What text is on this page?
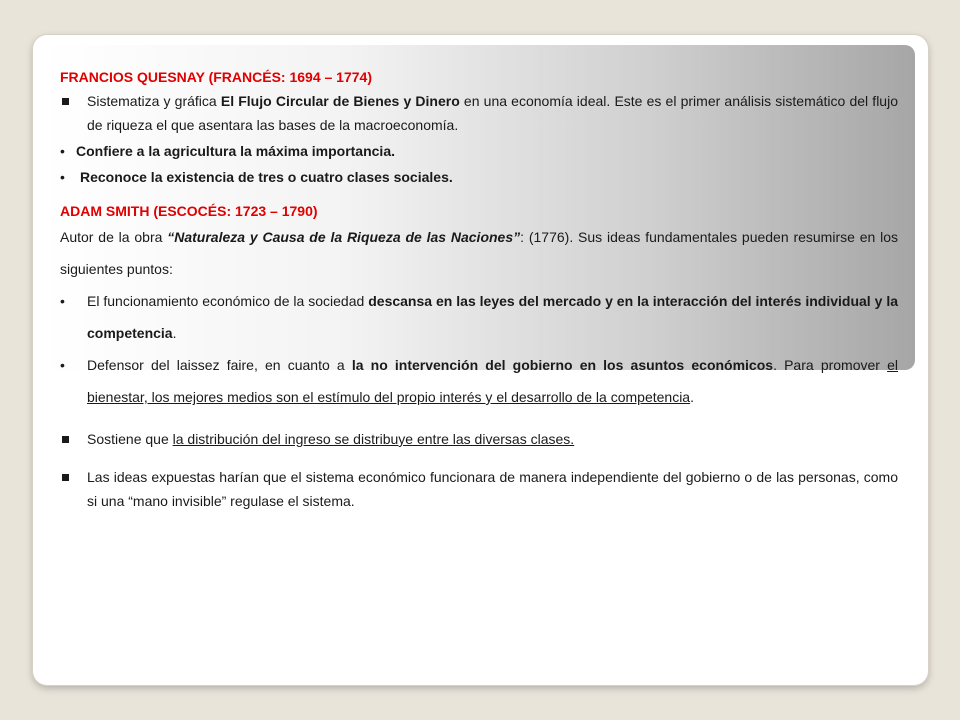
FRANCIOS QUESNAY (FRANCÉS: 1694 – 1774)

Sistematiza y gráfica El Flujo Circular de Bienes y Dinero en una economía ideal. Este es el primer análisis sistemático del flujo de riqueza el que asentara las bases de la macroeconomía.
• Confiere a la agricultura la máxima importancia.
• Reconoce la existencia de tres o cuatro clases sociales.

ADAM SMITH (ESCOCÉS: 1723 – 1790)

Autor de la obra “Naturaleza y Causa de la Riqueza de las Naciones”: (1776). Sus ideas fundamentales pueden resumirse en los siguientes puntos:

• El funcionamiento económico de la sociedad descansa en las leyes del mercado y en la interacción del interés individual y la competencia.
• Defensor del laissez faire, en cuanto a la no intervención del gobierno en los asuntos económicos. Para promover el bienestar, los mejores medios son el estímulo del propio interés y el desarrollo de la competencia.
Sostiene que la distribución del ingreso se distribuye entre las diversas clases.
Las ideas expuestas harían que el sistema económico funcionara de manera independiente del gobierno o de las personas, como si una “mano invisible” regulase el sistema.
